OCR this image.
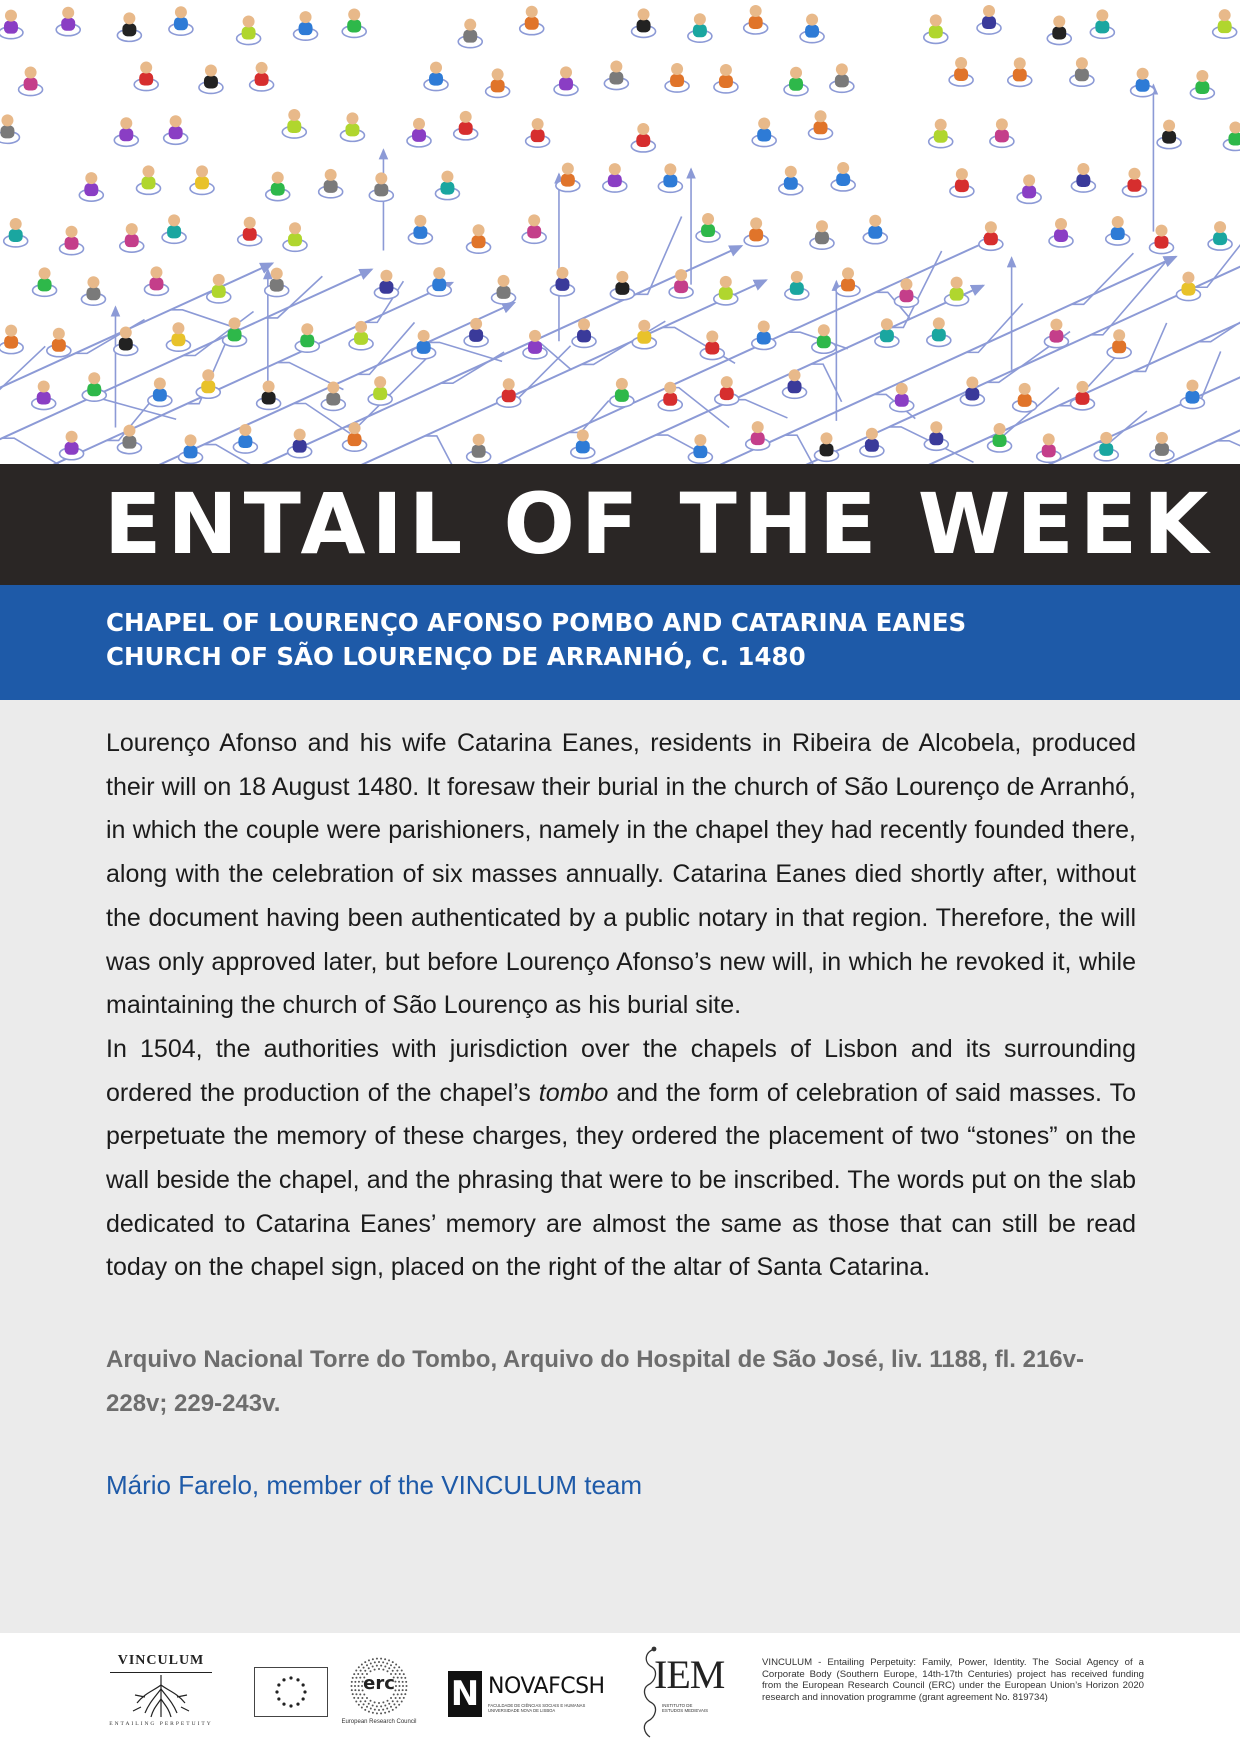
ENTAIL OF THE WEEK
CHAPEL OF LOURENÇO AFONSO POMBO AND CATARINA EANES
CHURCH OF SÃO LOURENÇO DE ARRANHÓ, C. 1480

Lourenço Afonso and his wife Catarina Eanes, residents in Ribeira de Alcobela, produced their will on 18 August 1480. It foresaw their burial in the church of São Lourenço de Arranhó, in which the couple were parishioners, namely in the chapel they had recently founded there, along with the celebration of six masses annually. Catarina Eanes died shortly after, without the document having been authenticated by a public notary in that region. Therefore, the will was only approved later, but before Lourenço Afonso’s new will, in which he revoked it, while maintaining the church of São Lourenço as his burial site.

In 1504, the authorities with jurisdiction over the chapels of Lisbon and its surrounding ordered the production of the chapel’s tombo and the form of celebration of said masses. To perpetuate the memory of these charges, they ordered the placement of two “stones” on the wall beside the chapel, and the phrasing that were to be inscribed. The words put on the slab dedicated to Catarina Eanes’ memory are almost the same as those that can still be read today on the chapel sign, placed on the right of the altar of Santa Catarina.

Arquivo Nacional Torre do Tombo, Arquivo do Hospital de São José, liv. 1188, fl. 216v-228v; 229-243v.
Mário Farelo, member of the VINCULUM team
VINCULUM
ENTAILING PERPETUITY
erc
European Research Council
N NOVAFCSH
FACULDADE DE CIÊNCIAS SOCIAIS E HUMANAS UNIVERSIDADE NOVA DE LISBOA
IEM
INSTITUTO DE ESTUDOS MEDIEVAIS
VINCULUM - Entailing Perpetuity: Family, Power, Identity. The Social Agency of a Corporate Body (Southern Europe, 14th-17th Centuries) project has received funding from the European Research Council (ERC) under the European Union’s Horizon 2020 research and innovation programme (grant agreement No. 819734)
